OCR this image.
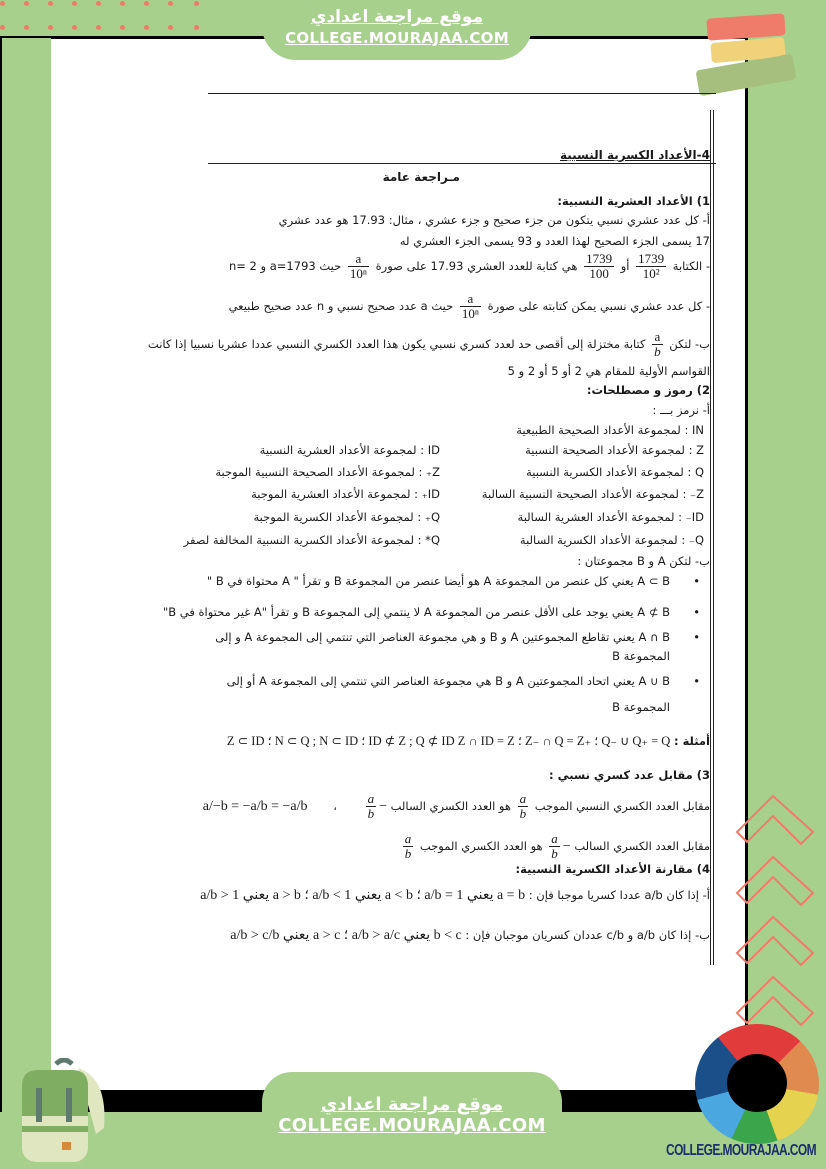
موقع مراجعة اعدادي
COLLEGE.MOURAJAA.COM
COLLEGE.MOURAJAA.COM
4-الأعداد الكسرية النسبية
مـراجعة عامة
1) الأعداد العشرية النسبية:
أ- كل عدد عشري نسبي يتكون من جزء صحيح و جزء عشري ، مثال: 17.93 هو عدد عشري
17 يسمى الجزء الصحيح لهذا العدد و 93 يسمى الجزء العشري له
- الكتابة
$\frac{1739}{\text{10²}}$
أو
$\frac{1739}{100}$
هي كتابة للعدد العشري 17.93 على صورة
$\frac{a}{\text{10ⁿ}}$
حيث a=1793 و n= 2
- كل عدد عشري نسبي يمكن كتابته على صورة
$\frac{a}{\text{10ⁿ}}$
حيث a عدد صحيح نسبي و n عدد صحيح طبيعي
ب- لتكن
$\frac{a}{b}$
كتابة مختزلة إلى أقصى حد لعدد كسري نسبي يكون هذا العدد الكسري النسبي عددا عشريا نسبيا إذا كانت
القواسم الأولية للمقام هي 2 أو 5 أو 2 و 5
2) رموز و مصطلحات:
أ- نرمز بـــ :
IN : لمجموعة الأعداد الصحيحة الطبيعية
Z : لمجموعة الأعداد الصحيحة النسبية
ID : لمجموعة الأعداد العشرية النسبية
Q : لمجموعة الأعداد الكسرية النسبية
Z₊ : لمجموعة الأعداد الصحيحة النسبية الموجبة
Z₋ : لمجموعة الأعداد الصحيحة النسبية السالبة
ID₊ : لمجموعة الأعداد العشرية الموجبة
ID₋ : لمجموعة الأعداد العشرية السالبة
Q₊ : لمجموعة الأعداد الكسرية الموجبة
Q₋ : لمجموعة الأعداد الكسرية السالبة
Q* : لمجموعة الأعداد الكسرية النسبية المخالفة لصفر
ب- لتكن A و B مجموعتان :
• A ⊂ B يعني كل عنصر من المجموعة A هو أيضا عنصر من المجموعة B و تقرأ " A محتواة في B "
• A ⊄ B يعني يوجد على الأقل عنصر من المجموعة A لا ينتمي إلى المجموعة B و تقرأ "A غير محتواة في B"
• A ∩ B يعني تقاطع المجموعتين A و B و هي مجموعة العناصر التي تنتمي إلى المجموعة A و إلى
المجموعة B
• A ∪ B يعني اتحاد المجموعتين A و B هي مجموعة العناصر التي تنتمي إلى المجموعة A أو إلى
المجموعة B
أمثلة : Z ⊂ ID ؛ N ⊂ Q ; N ⊂ ID ؛ ID ⊄ Z ; Q ⊄ ID Z ∩ ID = Z ؛ Z₋ ∩ Q = Z₊ ؛ Q₋ ∪ Q₊ = Q
3) مقابل عدد كسري نسبي :
مقابل العدد الكسري النسبي الموجب
$\frac{a}{b}$
هو العدد الكسري السالب −
$\frac{a}{b}$
، a/−b = −a/b = −a/b
مقابل العدد الكسري السالب −
$\frac{a}{b}$
هو العدد الكسري الموجب
$\frac{a}{b}$
4) مقارنة الأعداد الكسرية النسبية:
أ- إذا كان a/b عددا كسريا موجبا فإن : a/b > 1 يعني a > b ؛ a/b < 1 يعني a < b ؛ a/b = 1 يعني a = b
ب- إذا كان a/b و c/b عددان كسريان موجبان فإن : a/b > c/b يعني a > c ؛ a/b > a/c يعني b < c
موقع مراجعة اعدادي
COLLEGE.MOURAJAA.COM
